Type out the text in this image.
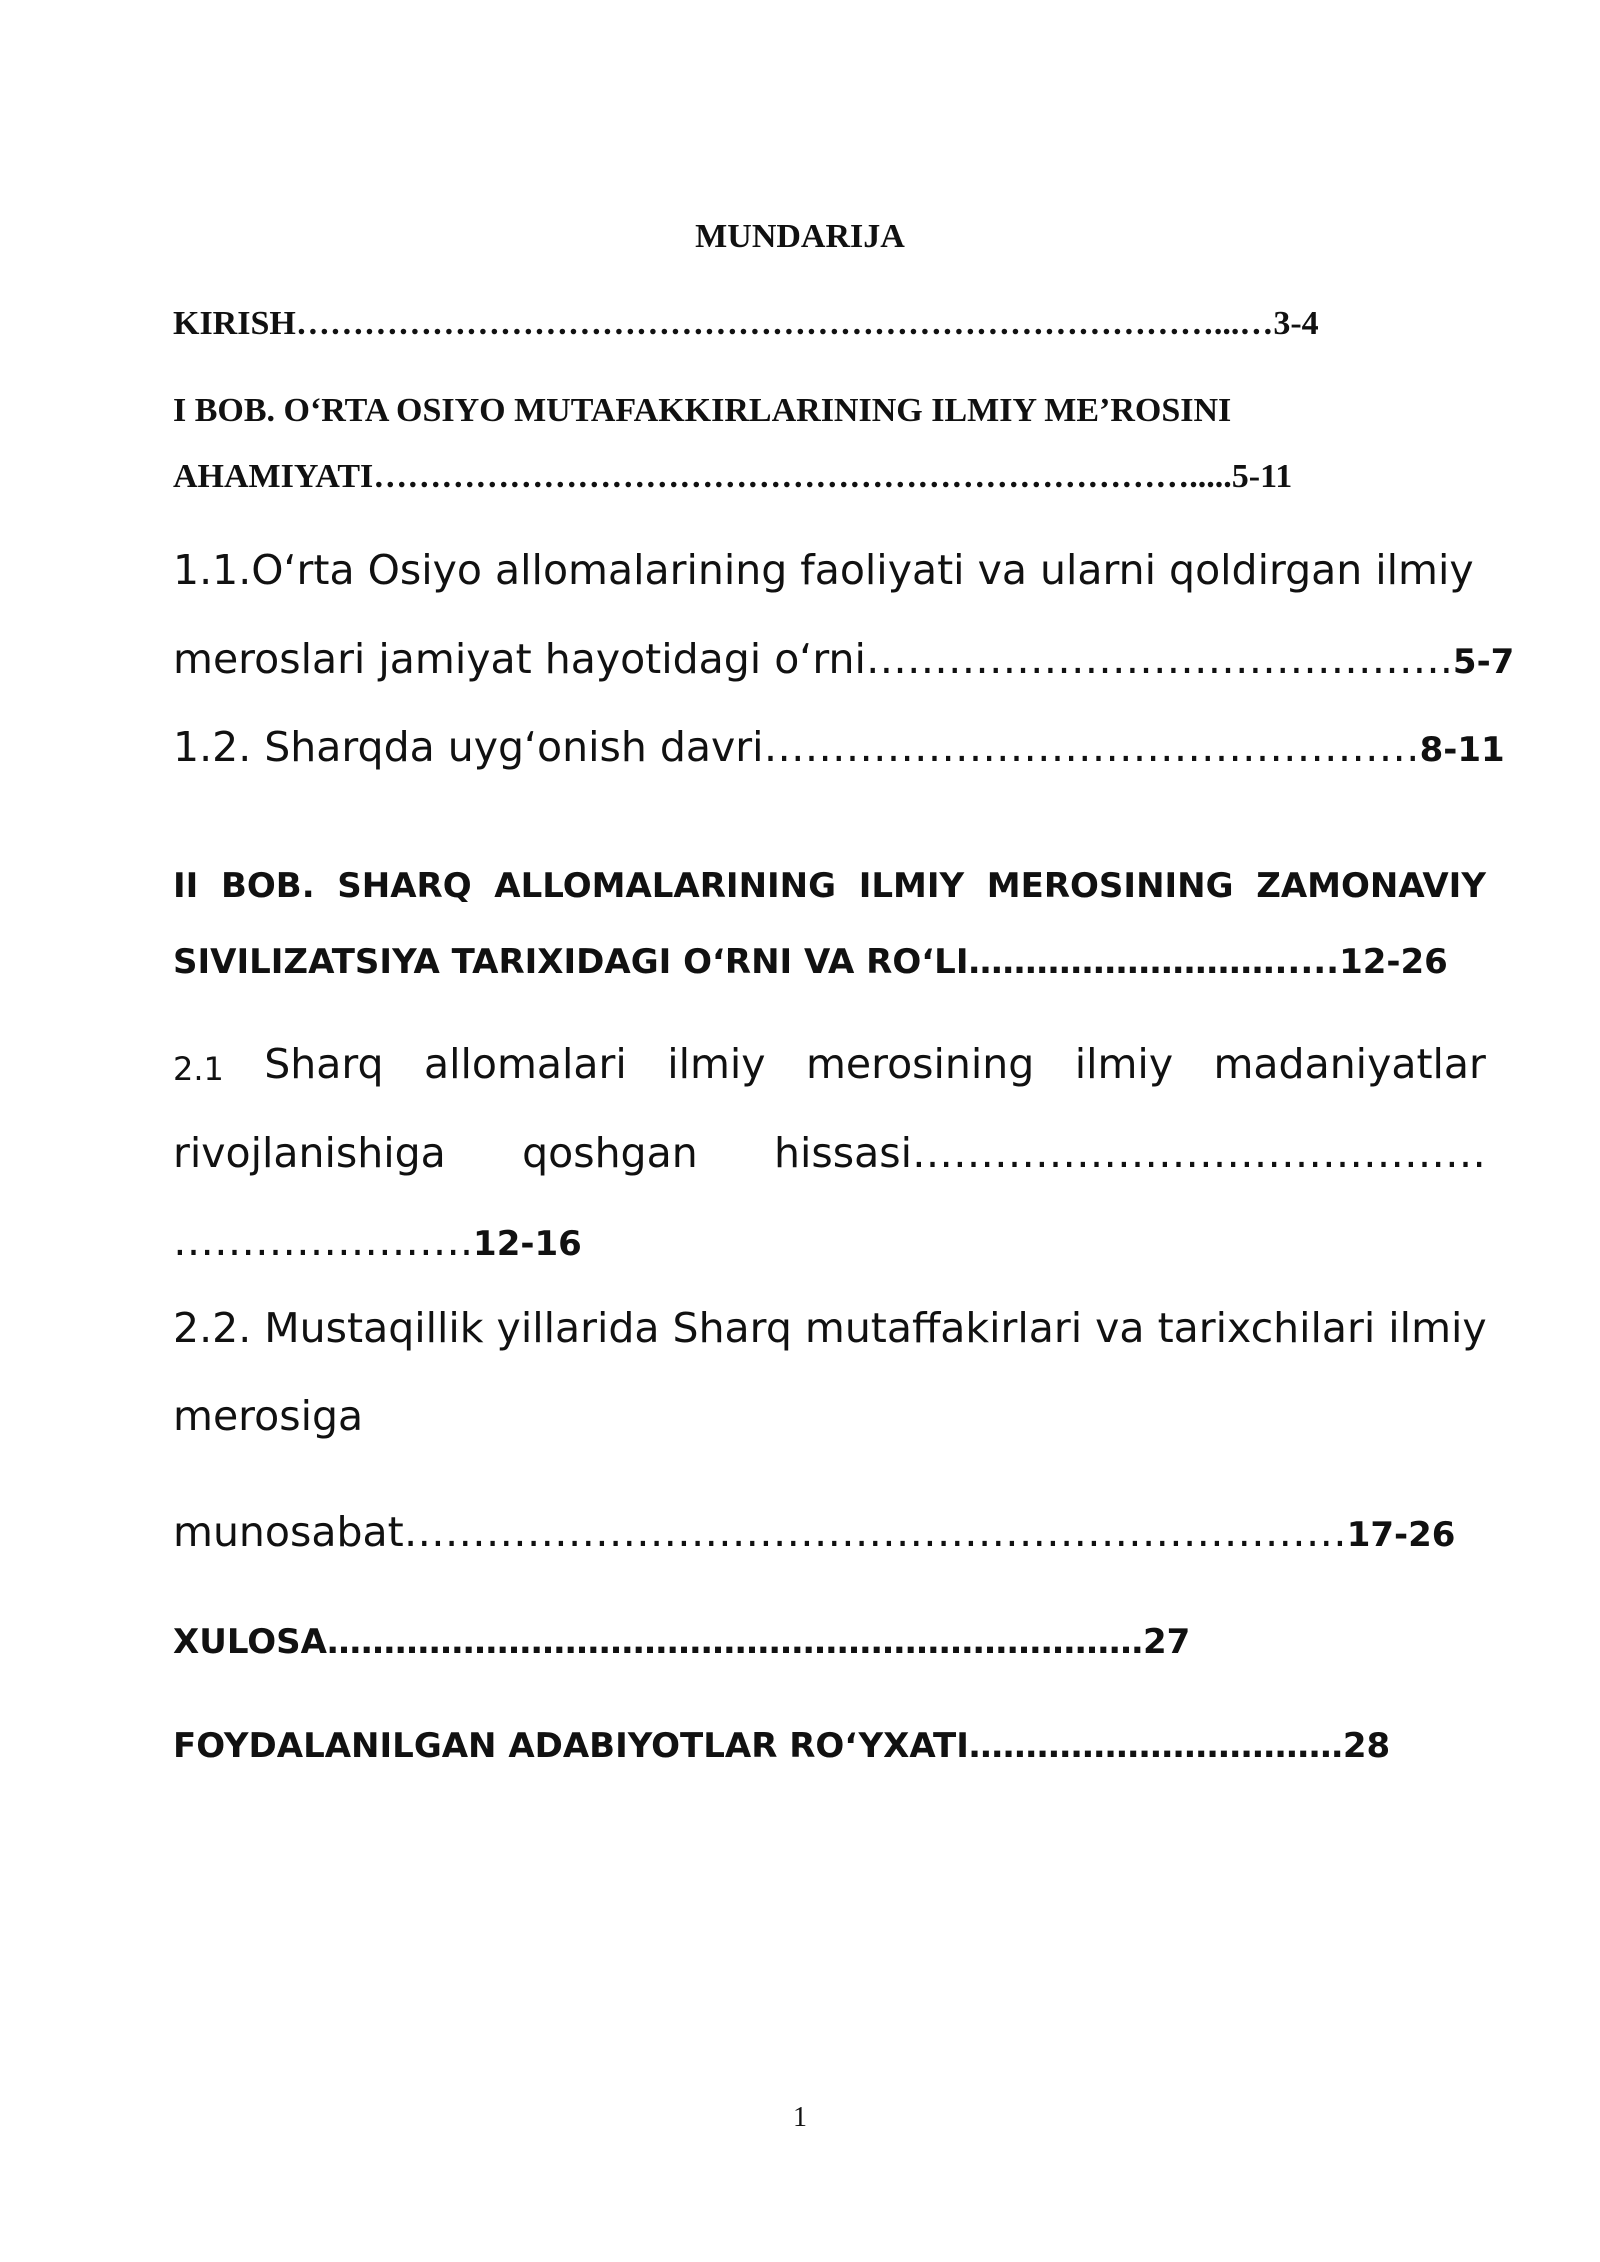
MUNDARIJA

KIRISH………………………………………………………………………...…3-4

I BOB. O‘RTA OSIYO MUTAFAKKIRLARINING ILMIY ME’ROSINI

AHAMIYATI……………………………………………………………….....5-11

1.1.O‘rta Osiyo allomalarining faoliyati va ularni qoldirgan ilmiy

meroslari jamiyat hayotidagi o‘rni…………………………………….5-7

1.2. Sharqda uyg‘onish davri…………………………………………8-11

II BOB. SHARQ ALLOMALARINING ILMIY MEROSINING ZAMONAVIY

SIVILIZATSIYA TARIXIDAGI O‘RNI VA RO‘LI……………………….....12-26

2.1 Sharq allomalari ilmiy merosining ilmiy madaniyatlar

rivojlanishiga qoshgan hissasi……………………………………

………………….12-16

2.2. Mustaqillik yillarida Sharq mutaffakirlari va tarixchilari ilmiy

merosiga

munosabat……………………………………………………………17-26

XULOSA………………………………………………………………27

FOYDALANILGAN ADABIYOTLAR RO‘YXATI……………………………28

1
